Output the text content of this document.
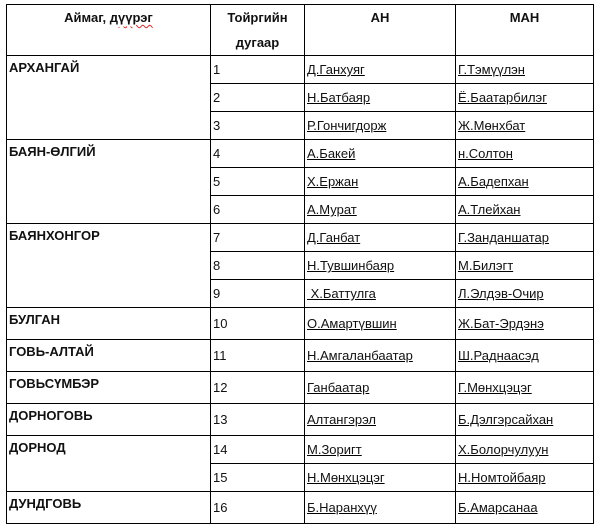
Аймаг, дүүрэг	Тойргийн	АН	МАН
	дугаар		
АРХАНГАЙ	1	Д.Ганхуяг	Г.Тэмүүлэн
	2	Н.Батбаяр	Ё.Баатарбилэг
	3	Р.Гончигдорж	Ж.Мөнхбат
БАЯН-ӨЛГИЙ	4	А.Бакей	н.Солтон
	5	Х.Ержан	А.Бадепхан
	6	А.Мурат	А.Тлейхан
БАЯНХОНГОР	7	Д.Ганбат	Г.Занданшатар
	8	Н.Тувшинбаяр	М.Билэгт
	9	Х.Баттулга	Л.Элдэв-Очир
БУЛГАН	10	О.Амартүвшин	Ж.Бат-Эрдэнэ
ГОВЬ-АЛТАЙ	11	Н.Амгаланбаатар	Ш.Раднаасэд
ГОВЬСҮМБЭР	12	Ганбаатар	Г.Мөнхцэцэг
ДОРНОГОВЬ	13	Алтангэрэл	Б.Дэлгэрсайхан
ДОРНОД	14	М.Зоригт	Х.Болорчулуун
	15	Н.Мөнхцэцэг	Н.Номтойбаяр
ДУНДГОВЬ	16	Б.Наранхүү	Б.Амарсанаа
